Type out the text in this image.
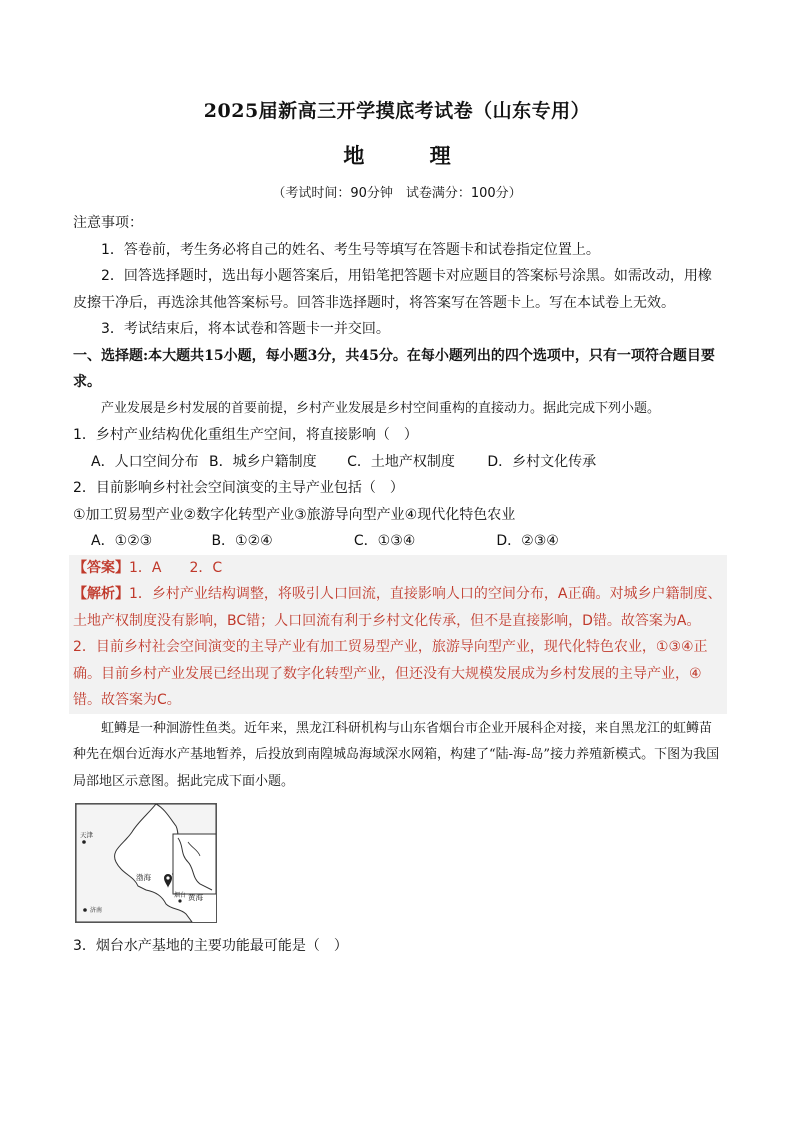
2025届新高三开学摸底考试卷（山东专用）
地 理
（考试时间：90分钟　试卷满分：100分）

注意事项：

1．答卷前，考生务必将自己的姓名、考生号等填写在答题卡和试卷指定位置上。

2．回答选择题时，选出每小题答案后，用铅笔把答题卡对应题目的答案标号涂黑。如需改动，用橡皮擦干净后，再选涂其他答案标号。回答非选择题时，将答案写在答题卡上。写在本试卷上无效。

3．考试结束后，将本试卷和答题卡一并交回。

一、选择题:本大题共15小题，每小题3分，共45分。在每小题列出的四个选项中，只有一项符合题目要求。

产业发展是乡村发展的首要前提，乡村产业发展是乡村空间重构的直接动力。据此完成下列小题。

1．乡村产业结构优化重组生产空间，将直接影响（　）

A．人口空间分布 B．城乡户籍制度 C．土地产权制度 D．乡村文化传承

2．目前影响乡村社会空间演变的主导产业包括（　）

①加工贸易型产业②数字化转型产业③旅游导向型产业④现代化特色农业

A．①②③	B．①②④	C．①③④	D．②③④

【答案】1．A　　2．C

【解析】1．乡村产业结构调整，将吸引人口回流，直接影响人口的空间分布，A正确。对城乡户籍制度、土地产权制度没有影响，BC错；人口回流有利于乡村文化传承，但不是直接影响，D错。故答案为A。

2．目前乡村社会空间演变的主导产业有加工贸易型产业，旅游导向型产业，现代化特色农业，①③④正确。目前乡村产业发展已经出现了数字化转型产业，但还没有大规模发展成为乡村发展的主导产业，④错。故答案为C。

虹鳟是一种洄游性鱼类。近年来，黑龙江科研机构与山东省烟台市企业开展科企对接，来自黑龙江的虹鳟苗种先在烟台近海水产基地暂养，后投放到南隍城岛海域深水网箱，构建了“陆-海-岛”接力养殖新模式。下图为我国局部地区示意图。据此完成下面小题。

天津
渤海
黄海
烟台
济南

3．烟台水产基地的主要功能最可能是（　）
